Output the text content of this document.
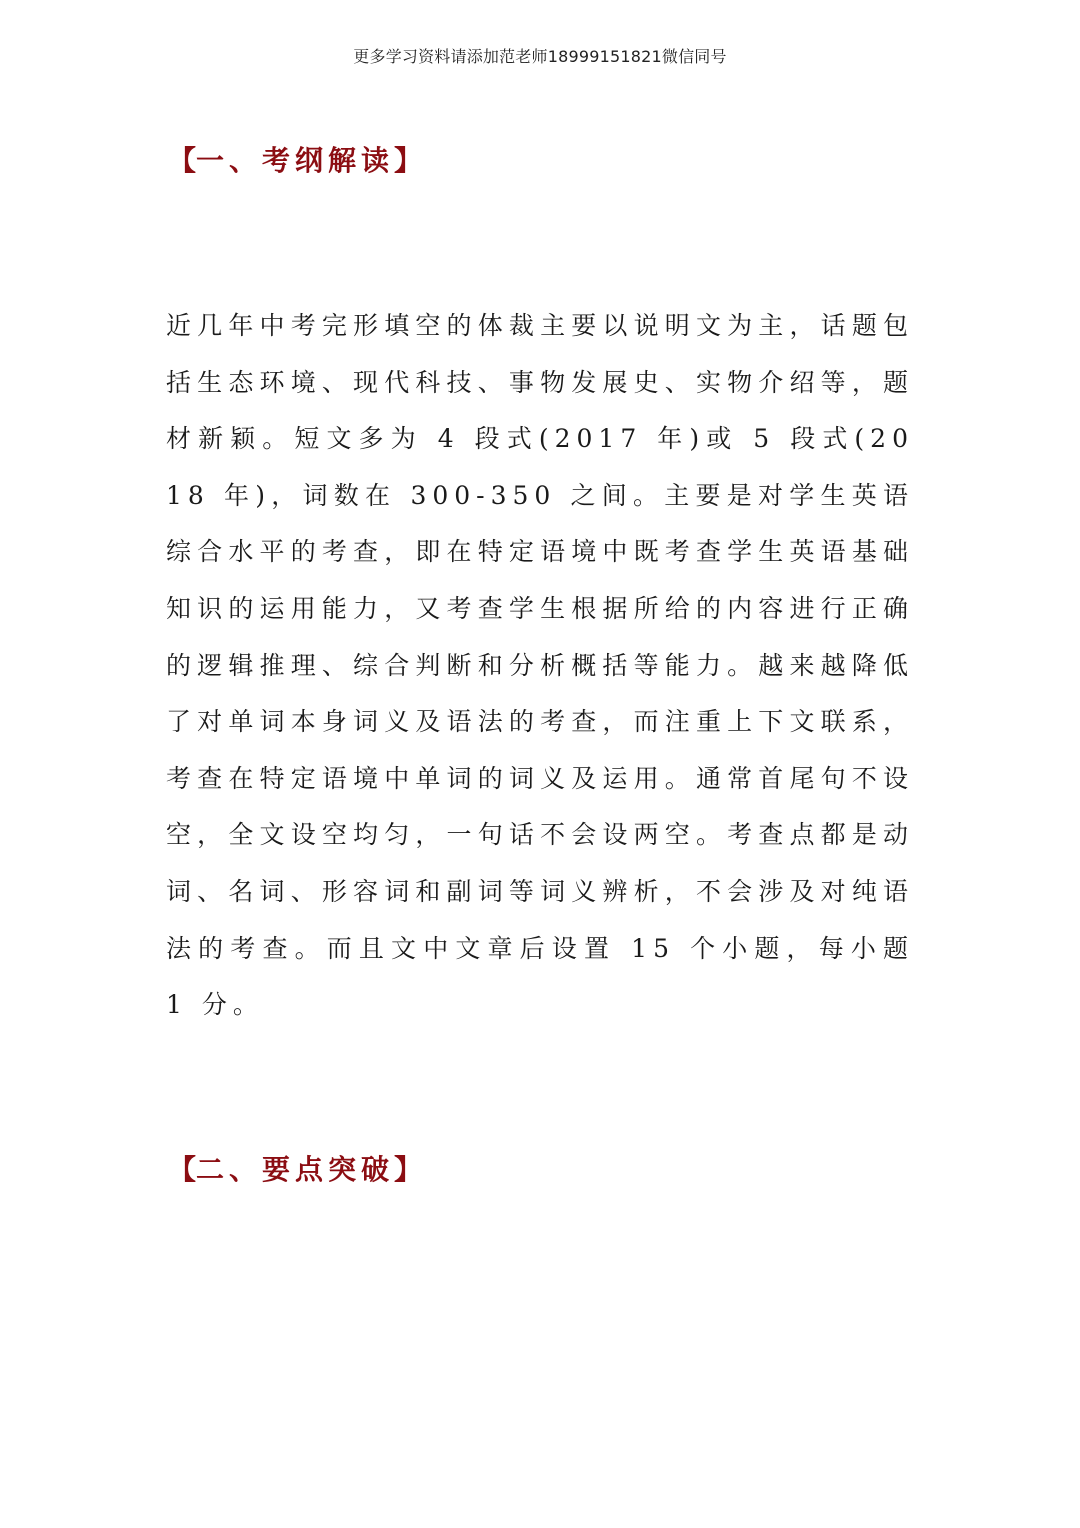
更多学习资料请添加范老师18999151821微信同号
【一、考纲解读】
近几年中考完形填空的体裁主要以说明文为主，话题包括生态环境、现代科技、事物发展史、实物介绍等，题材新颖。短文多为 4 段式(2017 年)或 5 段式(2018 年)，词数在 300-350 之间。主要是对学生英语综合水平的考查，即在特定语境中既考查学生英语基础知识的运用能力，又考查学生根据所给的内容进行正确的逻辑推理、综合判断和分析概括等能力。越来越降低了对单词本身词义及语法的考查，而注重上下文联系，考查在特定语境中单词的词义及运用。通常首尾句不设空，全文设空均匀，一句话不会设两空。考查点都是动词、名词、形容词和副词等词义辨析，不会涉及对纯语法的考查。而且文中文章后设置 15 个小题，每小题 1 分。
【二、要点突破】
